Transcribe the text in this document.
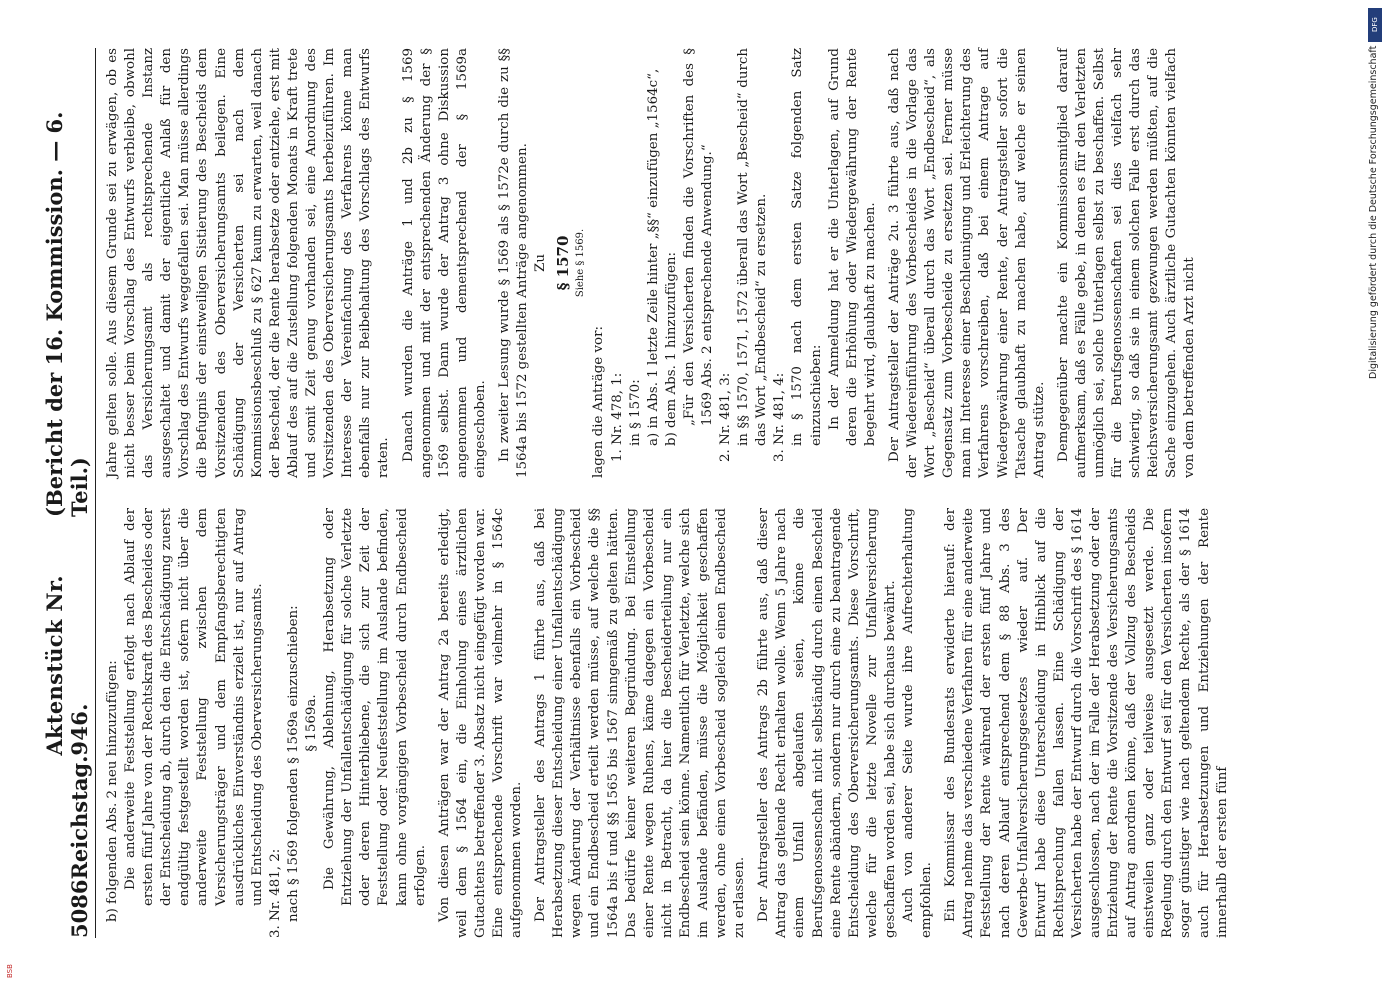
5086
Reichstag.
Aktenstück Nr. 946.
(Bericht der 16. Kommission. — 6. Teil.)

b) folgenden Abs. 2 neu hinzuzufügen: Die anderweite Feststellung erfolgt nach Ablauf der ersten fünf Jahre von der Rechtskraft des Bescheides oder der Entscheidung ab, durch den die Entschädigung zuerst endgültig festgestellt worden ist, sofern nicht über die anderweite Feststellung zwischen dem Versicherungsträger und dem Empfangsberechtigten ausdrückliches Einverständnis erzielt ist, nur auf Antrag und Entscheidung des Oberversicherungsamts. 3. Nr. 481, 2: nach § 1569 folgenden § 1569a einzuschieben: § 1569a. Die Gewährung, Ablehnung, Herabsetzung oder Entziehung der Unfallentschädigung für solche Verletzte oder deren Hinterbliebene, die sich zur Zeit der Feststellung oder Neufeststellung im Auslande befinden, kann ohne vorgängigen Vorbescheid durch Endbescheid erfolgen. Von diesen Anträgen war der Antrag 2a bereits erledigt, weil dem § 1564 ein, die Einholung eines ärztlichen Gutachtens betreffender 3. Absatz nicht eingefügt worden war. Eine entsprechende Vorschrift war vielmehr in § 1564c aufgenommen worden. Der Antragsteller des Antrags 1 führte aus, daß bei Herabsetzung dieser Entscheidung einer Unfallentschädigung wegen Änderung der Verhältnisse ebenfalls ein Vorbescheid und ein Endbescheid erteilt werden müsse, auf welche die §§ 1564a bis f und §§ 1565 bis 1567 sinngemäß zu gelten hätten. Das bedürfe keiner weiteren Begründung. Bei Einstellung einer Rente wegen Ruhens, käme dagegen ein Vorbescheid nicht in Betracht, da hier die Bescheiderteilung nur ein Endbescheid sein könne. Namentlich für Verletzte, welche sich im Auslande befänden, müsse die Möglichkeit geschaffen werden, ohne einen Vorbescheid sogleich einen Endbescheid zu erlassen. Der Antragsteller des Antrags 2b führte aus, daß dieser Antrag das geltende Recht erhalten wolle. Wenn 5 Jahre nach einem Unfall abgelaufen seien, könne die Berufsgenossenschaft nicht selbständig durch einen Bescheid eine Rente abändern, sondern nur durch eine zu beantragende Entscheidung des Oberversicherungsamts. Diese Vorschrift, welche für die letzte Novelle zur Unfallversicherung geschaffen worden sei, habe sich durchaus bewährt. Auch von anderer Seite wurde ihre Aufrechterhaltung empfohlen. Ein Kommissar des Bundesrats erwiderte hierauf: der Antrag nehme das verschiedene Verfahren für eine anderweite Feststellung der Rente während der ersten fünf Jahre und nach deren Ablauf entsprechend dem § 88 Abs. 3 des Gewerbe-Unfallversicherungsgesetzes wieder auf. Der Entwurf habe diese Unterscheidung in Hinblick auf die Rechtsprechung fallen lassen. Eine Schädigung der Versicherten habe der Entwurf durch die Vorschrift des § 1614 ausgeschlossen, nach der im Falle der Herabsetzung oder der Entziehung der Rente die Vorsitzende des Versicherungsamts auf Antrag anordnen könne, daß der Vollzug des Bescheids einstweilen ganz oder teilweise ausgesetzt werde. Die Regelung durch den Entwurf sei für den Versicherten insofern sogar günstiger wie nach geltendem Rechte, als der § 1614 auch für Herabsetzungen und Entziehungen der Rente innerhalb der ersten fünf

Jahre gelten solle. Aus diesem Grunde sei zu erwägen, ob es nicht besser beim Vorschlag des Entwurfs verbleibe, obwohl das Versicherungsamt als rechtsprechende Instanz ausgeschaltet und damit der eigentliche Anlaß für den Vorschlag des Entwurfs weggefallen sei. Man müsse allerdings die Befugnis der einstweiligen Sistierung des Bescheids dem Vorsitzenden des Oberversicherungsamts beilegen. Eine Schädigung der Versicherten sei nach dem Kommissionsbeschluß zu § 627 kaum zu erwarten, weil danach der Bescheid, der die Rente herabsetze oder entziehe, erst mit Ablauf des auf die Zustellung folgenden Monats in Kraft trete und somit Zeit genug vorhanden sei, eine Anordnung des Vorsitzenden des Oberversicherungsamts herbeizuführen. Im Interesse der Vereinfachung des Verfahrens könne man ebenfalls nur zur Beibehaltung des Vorschlags des Entwurfs raten. Danach wurden die Anträge 1 und 2b zu § 1569 angenommen und mit der entsprechenden Änderung der § 1569 selbst. Dann wurde der Antrag 3 ohne Diskussion angenommen und dementsprechend der § 1569a eingeschoben. In zweiter Lesung wurde § 1569 als § 1572e durch die zu §§ 1564a bis 1572 gestellten Anträge angenommen. Zu § 1570 Siehe § 1569.

lagen die Anträge vor: 1. Nr. 478, 1: in § 1570: a) in Abs. 1 letzte Zeile hinter „§§“ einzufügen „1564c“, b) dem Abs. 1 hinzuzufügen: „Für den Versicherten finden die Vorschriften des § 1569 Abs. 2 entsprechende Anwendung.“ 2. Nr. 481, 3: in §§ 1570, 1571, 1572 überall das Wort „Bescheid“ durch das Wort „Endbescheid“ zu ersetzen. 3. Nr. 481, 4: in § 1570 nach dem ersten Satze folgenden Satz einzuschieben: In der Anmeldung hat er die Unterlagen, auf Grund deren die Erhöhung oder Wiedergewährung der Rente begehrt wird, glaubhaft zu machen. Der Antragsteller der Anträge 2u. 3 führte aus, daß nach der Wiedereinführung des Vorbescheides in die Vorlage das Wort „Bescheid“ überall durch das Wort „Endbescheid“, als Gegensatz zum Vorbescheide zu ersetzen sei. Ferner müsse man im Interesse einer Beschleunigung und Erleichterung des Verfahrens vorschreiben, daß bei einem Antrage auf Wiedergewährung einer Rente, der Antragsteller sofort die Tatsache glaubhaft zu machen habe, auf welche er seinen Antrag stütze. Demgegenüber machte ein Kommissionsmitglied darauf aufmerksam, daß es Fälle gebe, in denen es für den Verletzten unmöglich sei, solche Unterlagen selbst zu beschaffen. Selbst für die Berufsgenossenschaften sei dies vielfach sehr schwierig, so daß sie in einem solchen Falle erst durch das Reichsversicherungsamt gezwungen werden müßten, auf die Sache einzugehen. Auch ärztliche Gutachten könnten vielfach von dem betreffenden Arzt nicht

DFG
Digitalisierung gefördert durch die Deutsche Forschungsgemeinschaft
BSB
